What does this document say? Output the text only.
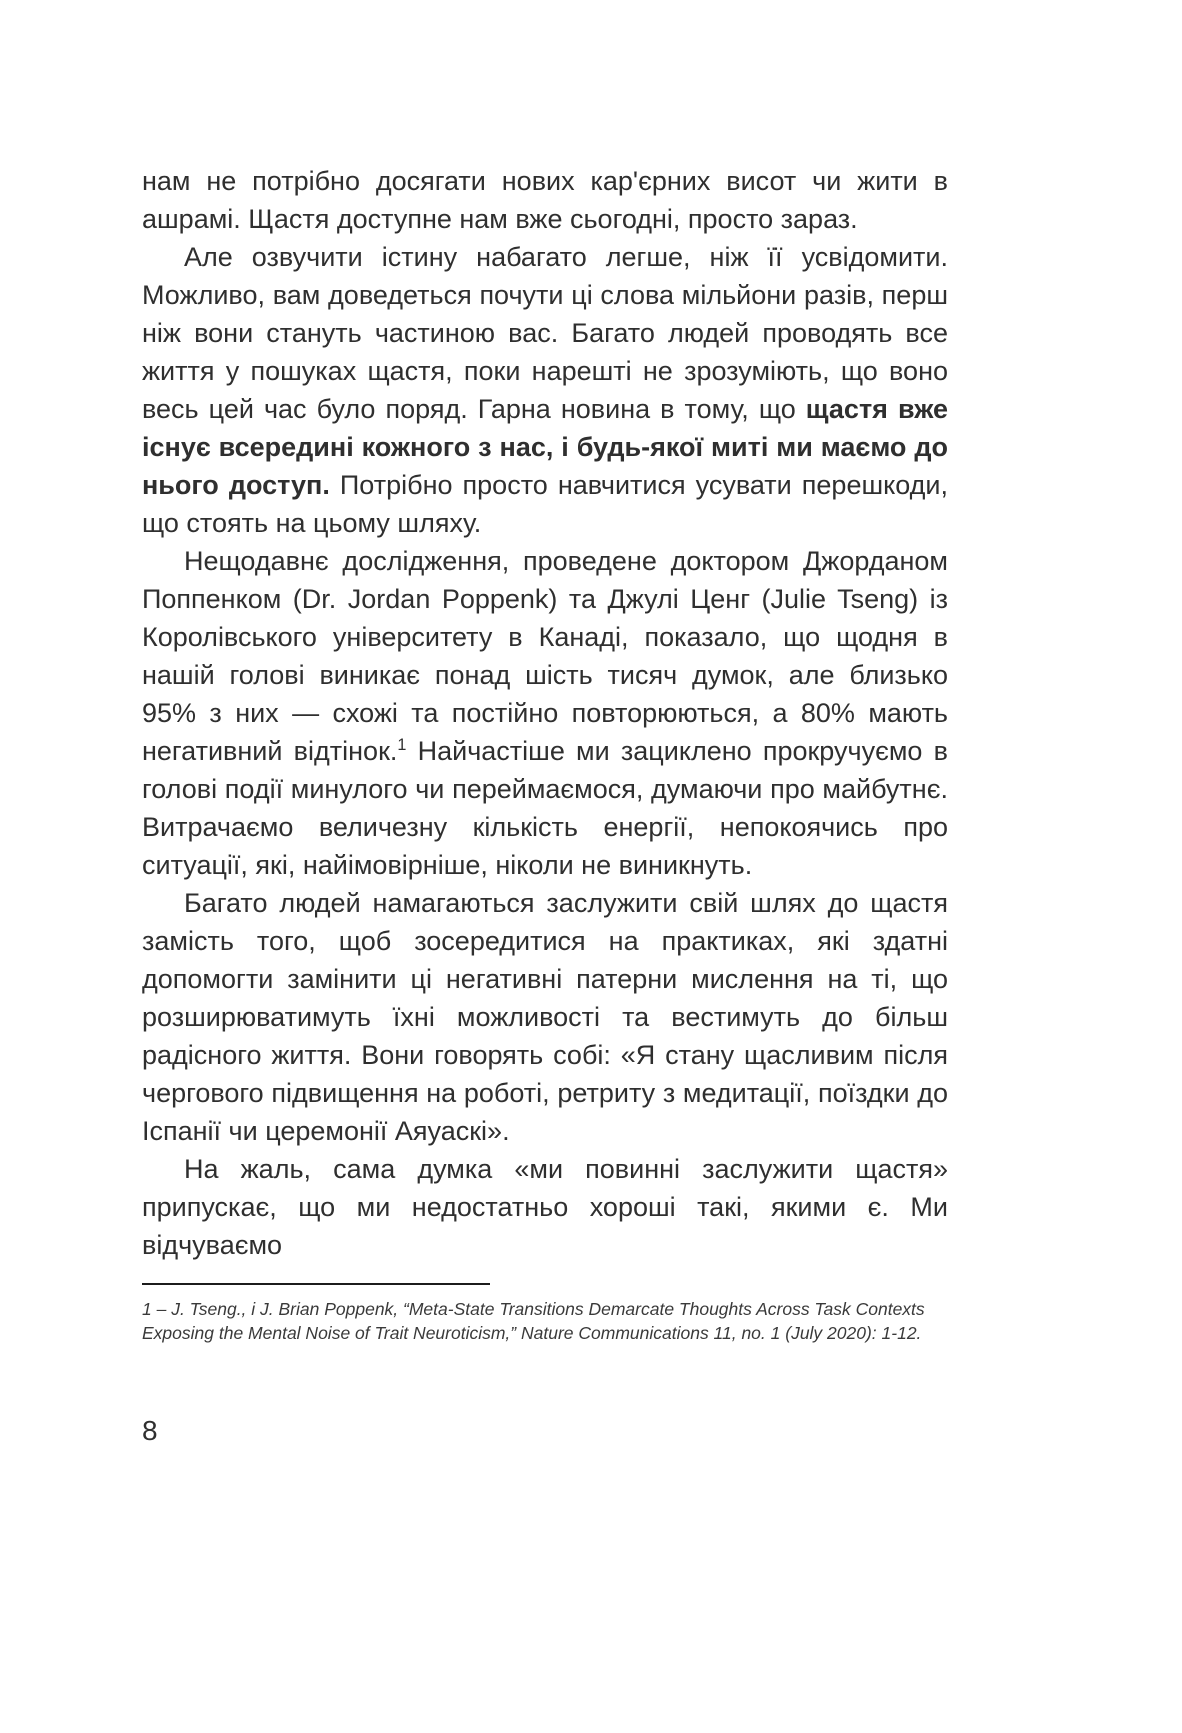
нам не потрібно досягати нових кар'єрних висот чи жити в ашрамі. Щастя доступне нам вже сьогодні, просто зараз.

Але озвучити істину набагато легше, ніж її усвідомити. Можливо, вам доведеться почути ці слова мільйони разів, перш ніж вони стануть частиною вас. Багато людей проводять все життя у пошуках щастя, поки нарешті не зрозуміють, що воно весь цей час було поряд. Гарна новина в тому, що щастя вже існує всередині кожного з нас, і будь-якої миті ми маємо до нього доступ. Потрібно просто навчитися усувати перешкоди, що стоять на цьому шляху.

Нещодавнє дослідження, проведене доктором Джорданом Поппенком (Dr. Jordan Poppenk) та Джулі Ценг (Julie Tseng) із Королівського університету в Канаді, показало, що щодня в нашій голові виникає понад шість тисяч думок, але близько 95% з них — схожі та постійно повторюються, а 80% мають негативний відтінок.$^1$ Найчастіше ми зациклено прокручуємо в голові події минулого чи переймаємося, думаючи про майбутнє. Витрачаємо величезну кількість енергії, непокоячись про ситуації, які, найімовірніше, ніколи не виникнуть.

Багато людей намагаються заслужити свій шлях до щастя замість того, щоб зосередитися на практиках, які здатні допомогти замінити ці негативні патерни мислення на ті, що розширюватимуть їхні можливості та вестимуть до більш радісного життя. Вони говорять собі: «Я стану щасливим після чергового підвищення на роботі, ретриту з медитації, поїздки до Іспанії чи церемонії Аяуаскі».

На жаль, сама думка «ми повинні заслужити щастя» припускає, що ми недостатньо хороші такі, якими є. Ми відчуваємо

1 – J. Tseng., і J. Brian Poppenk, “Meta-State Transitions Demarcate Thoughts Across Task Contexts Exposing the Mental Noise of Trait Neuroticism,” Nature Communications 11, no. 1 (July 2020): 1-12.

8
